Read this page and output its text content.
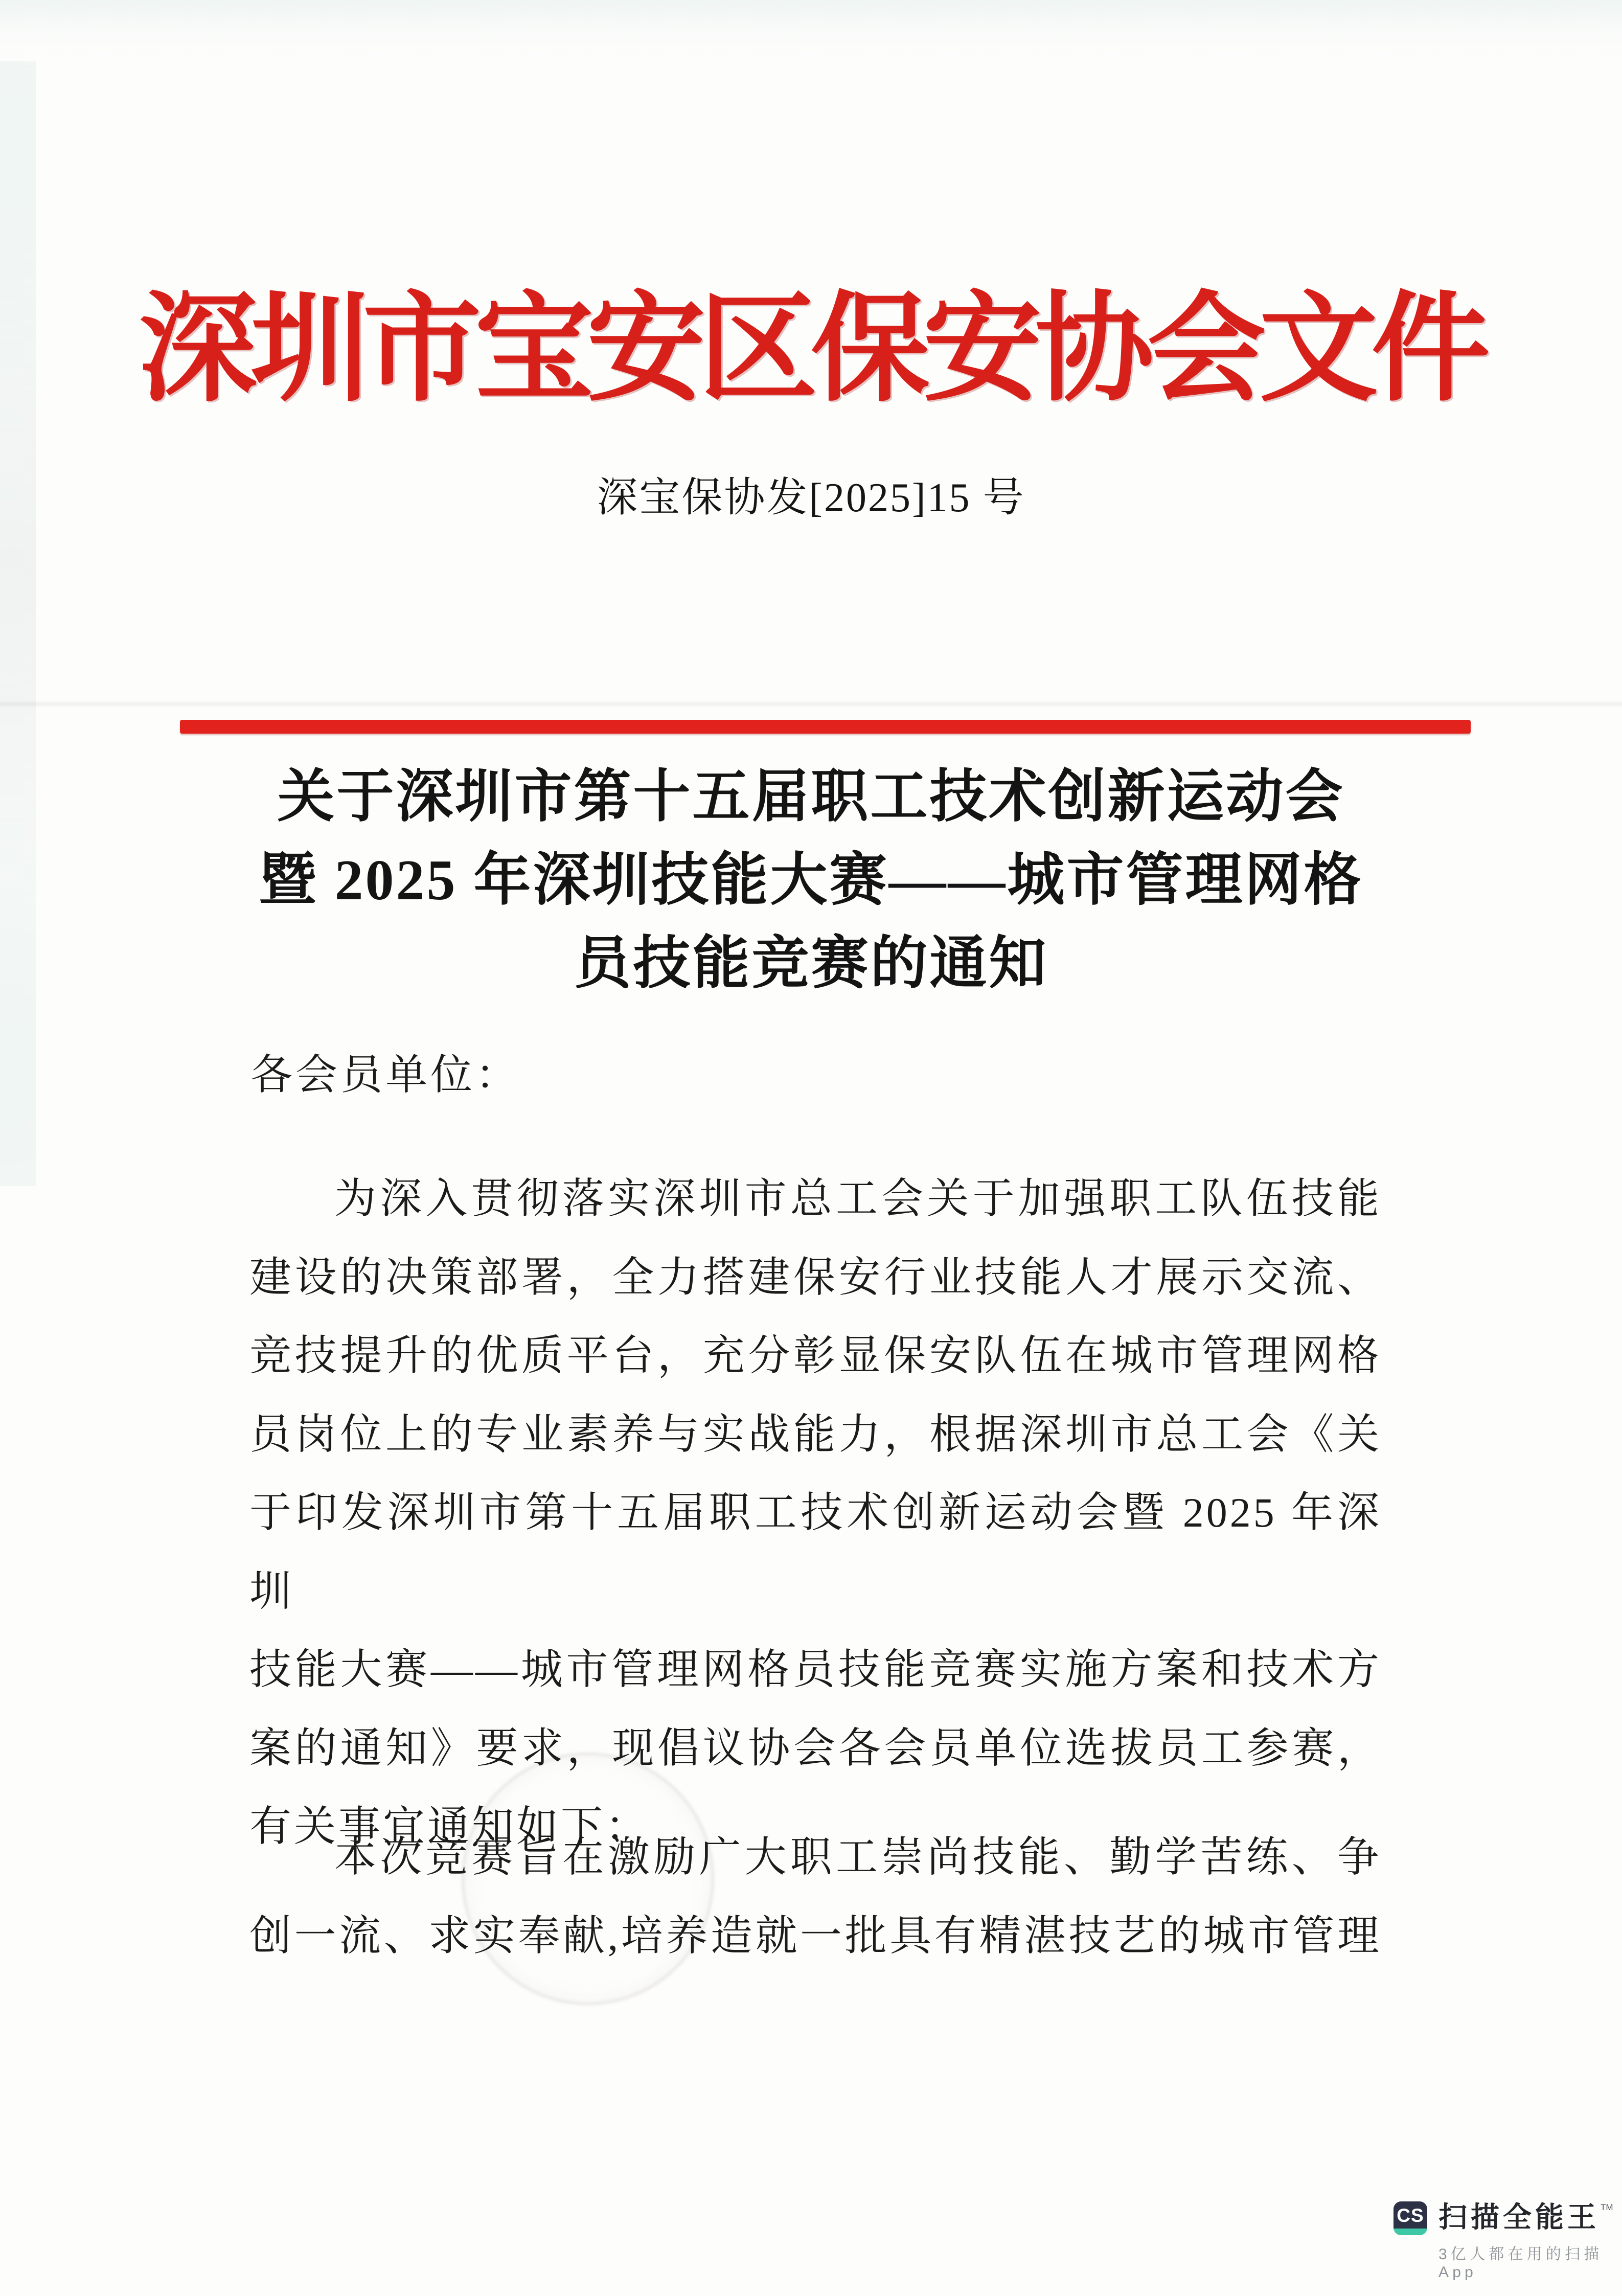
深圳市宝安区保安协会文件
深宝保协发[2025]15 号
关于深圳市第十五届职工技术创新运动会
暨 2025 年深圳技能大赛——城市管理网格
员技能竞赛的通知
各会员单位：
为深入贯彻落实深圳市总工会关于加强职工队伍技能
建设的决策部署，全力搭建保安行业技能人才展示交流、
竞技提升的优质平台，充分彰显保安队伍在城市管理网格
员岗位上的专业素养与实战能力，根据深圳市总工会《关
于印发深圳市第十五届职工技术创新运动会暨 2025 年深圳
技能大赛——城市管理网格员技能竞赛实施方案和技术方
案的通知》要求，现倡议协会各会员单位选拔员工参赛，
有关事宜通知如下：
本次竞赛旨在激励广大职工崇尚技能、勤学苦练、争
创一流、求实奉献,培养造就一批具有精湛技艺的城市管理
CS 扫描全能王 TM
3亿人都在用的扫描App
